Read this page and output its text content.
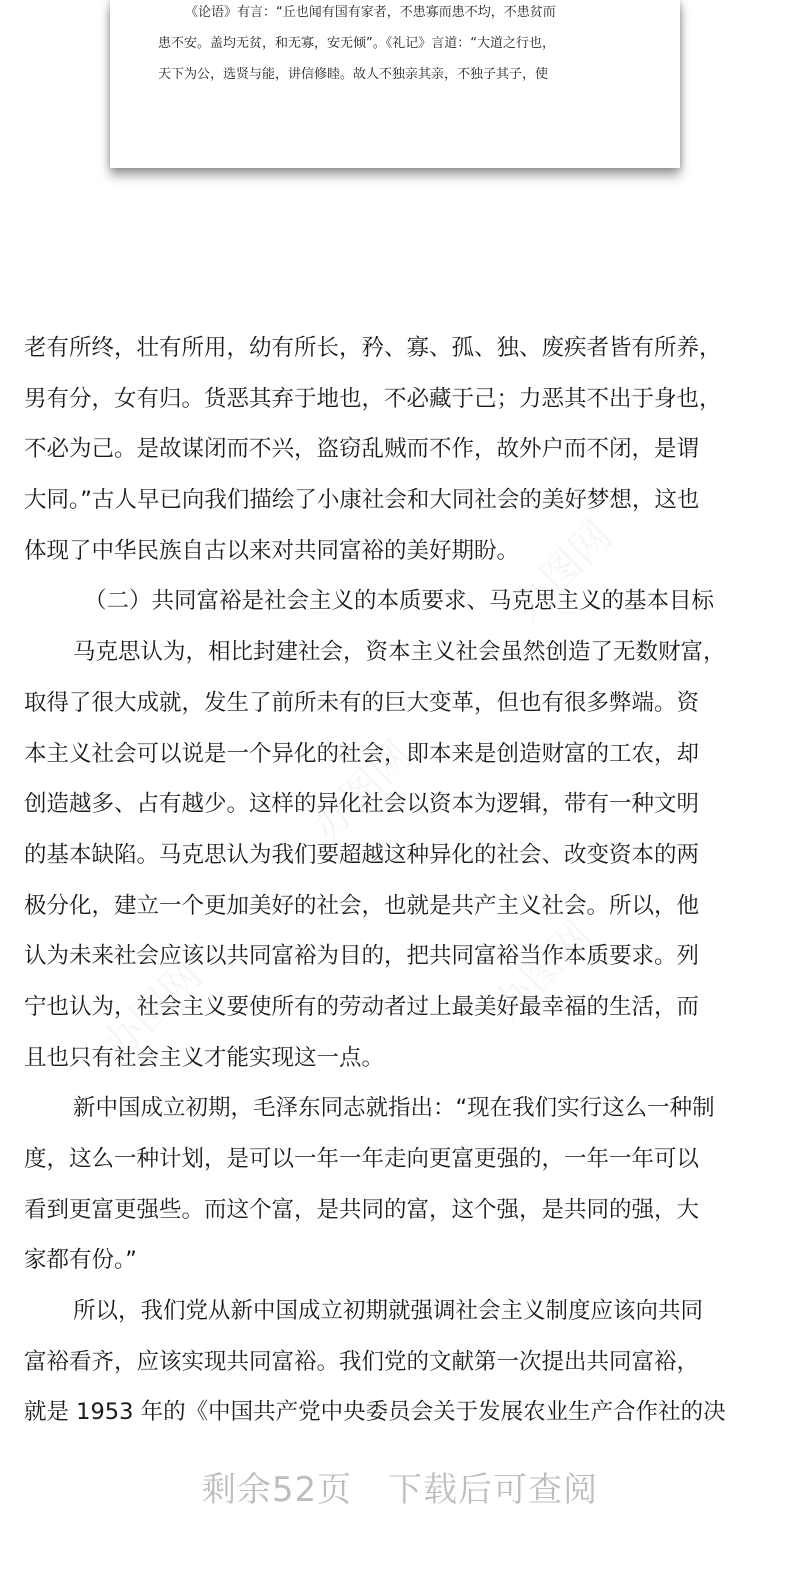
《论语》有言：“丘也闻有国有家者，不患寡而患不均，不患贫而
患不安。盖均无贫，和无寡，安无倾”。《礼记》言道：“大道之行也，
天下为公，选贤与能，讲信修睦。故人不独亲其亲，不独子其子，使
老有所终，壮有所用，幼有所长，矜、寡、孤、独、废疾者皆有所养，
男有分，女有归。货恶其弃于地也，不必藏于己；力恶其不出于身也，
不必为己。是故谋闭而不兴，盗窃乱贼而不作，故外户而不闭，是谓
大同。”古人早已向我们描绘了小康社会和大同社会的美好梦想，这也
体现了中华民族自古以来对共同富裕的美好期盼。
（二）共同富裕是社会主义的本质要求、马克思主义的基本目标
马克思认为，相比封建社会，资本主义社会虽然创造了无数财富，
取得了很大成就，发生了前所未有的巨大变革，但也有很多弊端。资
本主义社会可以说是一个异化的社会，即本来是创造财富的工农，却
创造越多、占有越少。这样的异化社会以资本为逻辑，带有一种文明
的基本缺陷。马克思认为我们要超越这种异化的社会、改变资本的两
极分化，建立一个更加美好的社会，也就是共产主义社会。所以，他
认为未来社会应该以共同富裕为目的，把共同富裕当作本质要求。列
宁也认为，社会主义要使所有的劳动者过上最美好最幸福的生活，而
且也只有社会主义才能实现这一点。
新中国成立初期，毛泽东同志就指出：“现在我们实行这么一种制
度，这么一种计划，是可以一年一年走向更富更强的，一年一年可以
看到更富更强些。而这个富，是共同的富，这个强，是共同的强，大
家都有份。”
所以，我们党从新中国成立初期就强调社会主义制度应该向共同
富裕看齐，应该实现共同富裕。我们党的文献第一次提出共同富裕，
就是 1953 年的《中国共产党中央委员会关于发展农业生产合作社的决
剩余52页 下载后可查阅
